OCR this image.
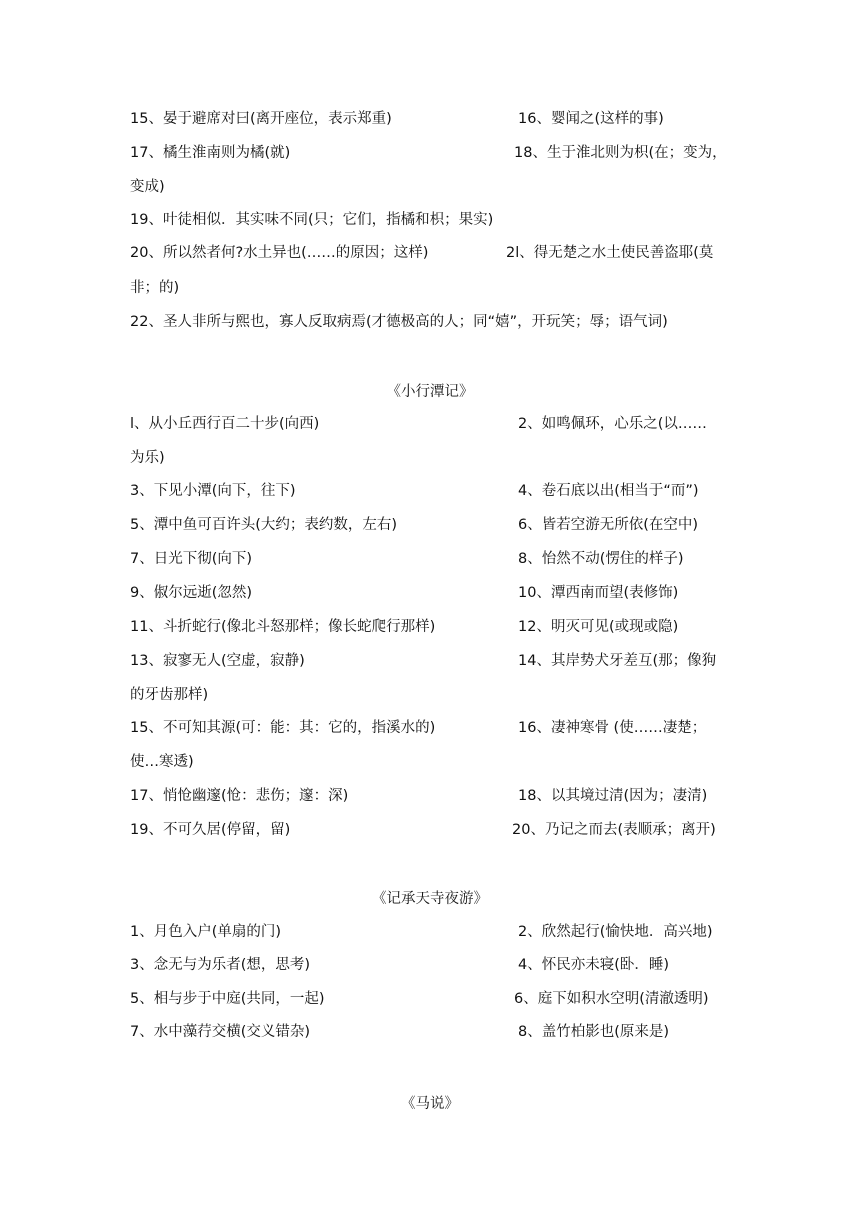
15、晏于避席对曰(离开座位，表示郑重)	16、婴闻之(这样的事)
17、橘生淮南则为橘(就)	18、生于淮北则为枳(在；变为，
变成)
19、叶徒相似．其实味不同(只；它们，指橘和枳；果实)
20、所以然者何?水土异也(……的原因；这样)	2l、得无楚之水土使民善盗耶(莫
非；的)
22、圣人非所与熙也，寡人反取病焉(才德极高的人；同“嬉”，开玩笑；辱；语气词)
《小行潭记》
l、从小丘西行百二十步(向西)	2、如鸣佩环，心乐之(以……
为乐)
3、下见小潭(向下，往下)	4、卷石底以出(相当于“而”)
5、潭中鱼可百许头(大约；表约数，左右)	6、皆若空游无所依(在空中)
7、日光下彻(向下)	8、怡然不动(愣住的样子)
9、俶尔远逝(忽然)	10、潭西南而望(表修饰)
11、斗折蛇行(像北斗怒那样；像长蛇爬行那样)	12、明灭可见(或现或隐)
13、寂寥无人(空虚，寂静)	14、其岸势犬牙差互(那；像狗
的牙齿那样)
15、不可知其源(可：能：其：它的，指溪水的)	16、凄神寒骨 (使……凄楚；
使…寒透)
17、悄怆幽邃(怆：悲伤；邃：深)	18、以其境过清(因为；凄清)
19、不可久居(停留，留)	20、乃记之而去(表顺承；离开)
《记承天寺夜游》
1、月色入户(单扇的门)	2、欣然起行(愉快地．高兴地)
3、念无与为乐者(想，思考)	4、怀民亦未寝(卧．睡)
5、相与步于中庭(共同，一起)	6、庭下如积水空明(清澈透明)
7、水中藻荇交横(交义错杂)	8、盖竹柏影也(原来是)
《马说》
